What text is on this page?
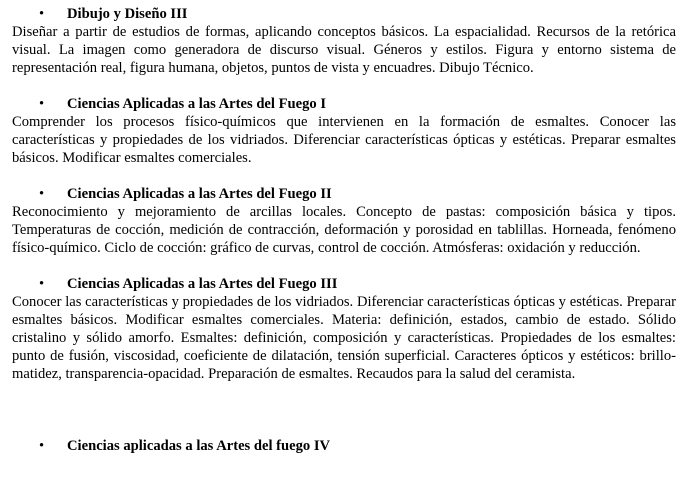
• Dibujo y Diseño III

Diseñar a partir de estudios de formas, aplicando conceptos básicos. La espacialidad. Recursos de la retórica visual. La imagen como generadora de discurso visual. Géneros y estilos. Figura y entorno sistema de representación real, figura humana, objetos, puntos de vista y encuadres. Dibujo Técnico.

• Ciencias Aplicadas a las Artes del Fuego I

Comprender los procesos físico-químicos que intervienen en la formación de esmaltes. Conocer las características y propiedades de los vidriados. Diferenciar características ópticas y estéticas. Preparar esmaltes básicos. Modificar esmaltes comerciales.

• Ciencias Aplicadas a las Artes del Fuego II

Reconocimiento y mejoramiento de arcillas locales. Concepto de pastas: composición básica y tipos. Temperaturas de cocción, medición de contracción, deformación y porosidad en tablillas. Horneada, fenómeno físico-químico. Ciclo de cocción: gráfico de curvas, control de cocción. Atmósferas: oxidación y reducción.

• Ciencias Aplicadas a las Artes del Fuego III

Conocer las características y propiedades de los vidriados. Diferenciar características ópticas y estéticas. Preparar esmaltes básicos. Modificar esmaltes comerciales. Materia: definición, estados, cambio de estado. Sólido cristalino y sólido amorfo. Esmaltes: definición, composición y características. Propiedades de los esmaltes: punto de fusión, viscosidad, coeficiente de dilatación, tensión superficial. Caracteres ópticos y estéticos: brillo-matidez, transparencia-opacidad. Preparación de esmaltes. Recaudos para la salud del ceramista.

• Ciencias aplicadas a las Artes del fuego IV
